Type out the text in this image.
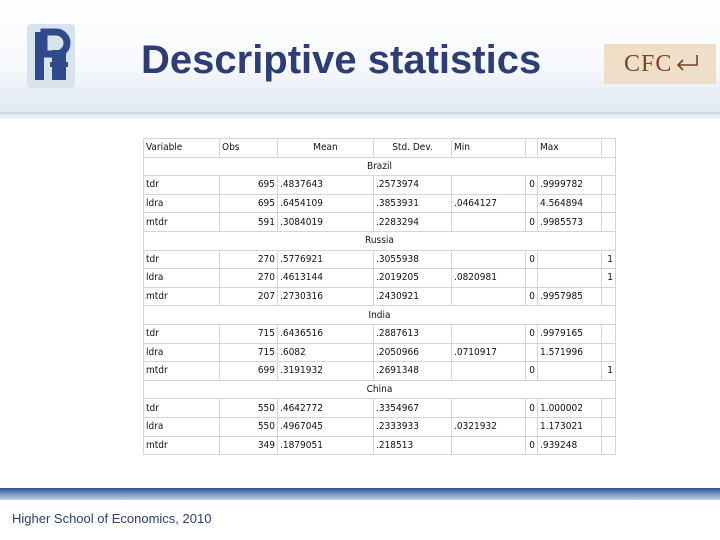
Descriptive statistics	CFC
Variable	Obs	Mean	Std. Dev.	Min		Max	
Brazil							
tdr	695	.4837643	.2573974		0	.9999782	
ldra	695	.6454109	.3853931	.0464127		4.564894	
mtdr	591	.3084019	.2283294		0	.9985573	
Russia							
tdr	270	.5776921	.3055938		0		1
ldra	270	.4613144	.2019205	.0820981			1
mtdr	207	.2730316	.2430921		0	.9957985	
India							
tdr	715	.6436516	.2887613		0	.9979165	
ldra	715	.6082	.2050966	.0710917		1.571996	
mtdr	699	.3191932	.2691348		0		1
China							
tdr	550	.4642772	.3354967		0	1.000002	
ldra	550	.4967045	.2333933	.0321932		1.173021	
mtdr	349	.1879051	.218513		0	.939248	
Higher School of Economics, 2010
